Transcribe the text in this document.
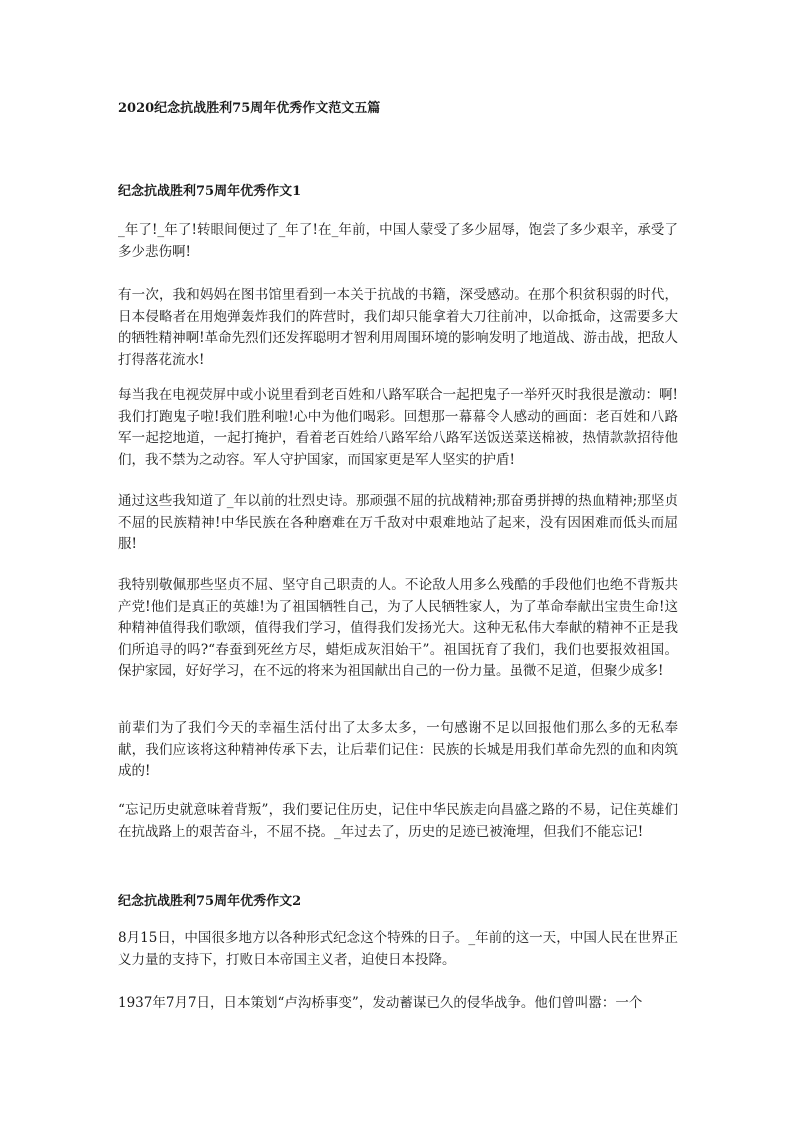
2020纪念抗战胜利75周年优秀作文范文五篇
纪念抗战胜利75周年优秀作文1
_年了!_年了!转眼间便过了_年了!在_年前，中国人蒙受了多少屈辱，饱尝了多少艰辛，承受了多少悲伤啊!
有一次，我和妈妈在图书馆里看到一本关于抗战的书籍，深受感动。在那个积贫积弱的时代，日本侵略者在用炮弹轰炸我们的阵营时，我们却只能拿着大刀往前冲，以命抵命，这需要多大的牺牲精神啊!革命先烈们还发挥聪明才智利用周围环境的影响发明了地道战、游击战，把敌人打得落花流水!
每当我在电视荧屏中或小说里看到老百姓和八路军联合一起把鬼子一举歼灭时我很是激动：啊!我们打跑鬼子啦!我们胜利啦!心中为他们喝彩。回想那一幕幕令人感动的画面：老百姓和八路军一起挖地道，一起打掩护，看着老百姓给八路军给八路军送饭送菜送棉被，热情款款招待他们，我不禁为之动容。军人守护国家，而国家更是军人坚实的护盾!
通过这些我知道了_年以前的壮烈史诗。那顽强不屈的抗战精神;那奋勇拼搏的热血精神;那坚贞不屈的民族精神!中华民族在各种磨难在万千敌对中艰难地站了起来，没有因困难而低头而屈服!
我特别敬佩那些坚贞不屈、坚守自己职责的人。不论敌人用多么残酷的手段他们也绝不背叛共产党!他们是真正的英雄!为了祖国牺牲自己，为了人民牺牲家人，为了革命奉献出宝贵生命!这种精神值得我们歌颂，值得我们学习，值得我们发扬光大。这种无私伟大奉献的精神不正是我们所追寻的吗?“春蚕到死丝方尽，蜡炬成灰泪始干”。祖国抚育了我们，我们也要报效祖国。保护家园，好好学习，在不远的将来为祖国献出自己的一份力量。虽微不足道，但聚少成多!
前辈们为了我们今天的幸福生活付出了太多太多，一句感谢不足以回报他们那么多的无私奉献，我们应该将这种精神传承下去，让后辈们记住：民族的长城是用我们革命先烈的血和肉筑成的!
“忘记历史就意味着背叛”，我们要记住历史，记住中华民族走向昌盛之路的不易，记住英雄们在抗战路上的艰苦奋斗，不屈不挠。_年过去了，历史的足迹已被淹埋，但我们不能忘记!
纪念抗战胜利75周年优秀作文2
8月15日，中国很多地方以各种形式纪念这个特殊的日子。_年前的这一天，中国人民在世界正义力量的支持下，打败日本帝国主义者，迫使日本投降。
1937年7月7日，日本策划“卢沟桥事变”，发动蓄谋已久的侵华战争。他们曾叫嚣：一个
